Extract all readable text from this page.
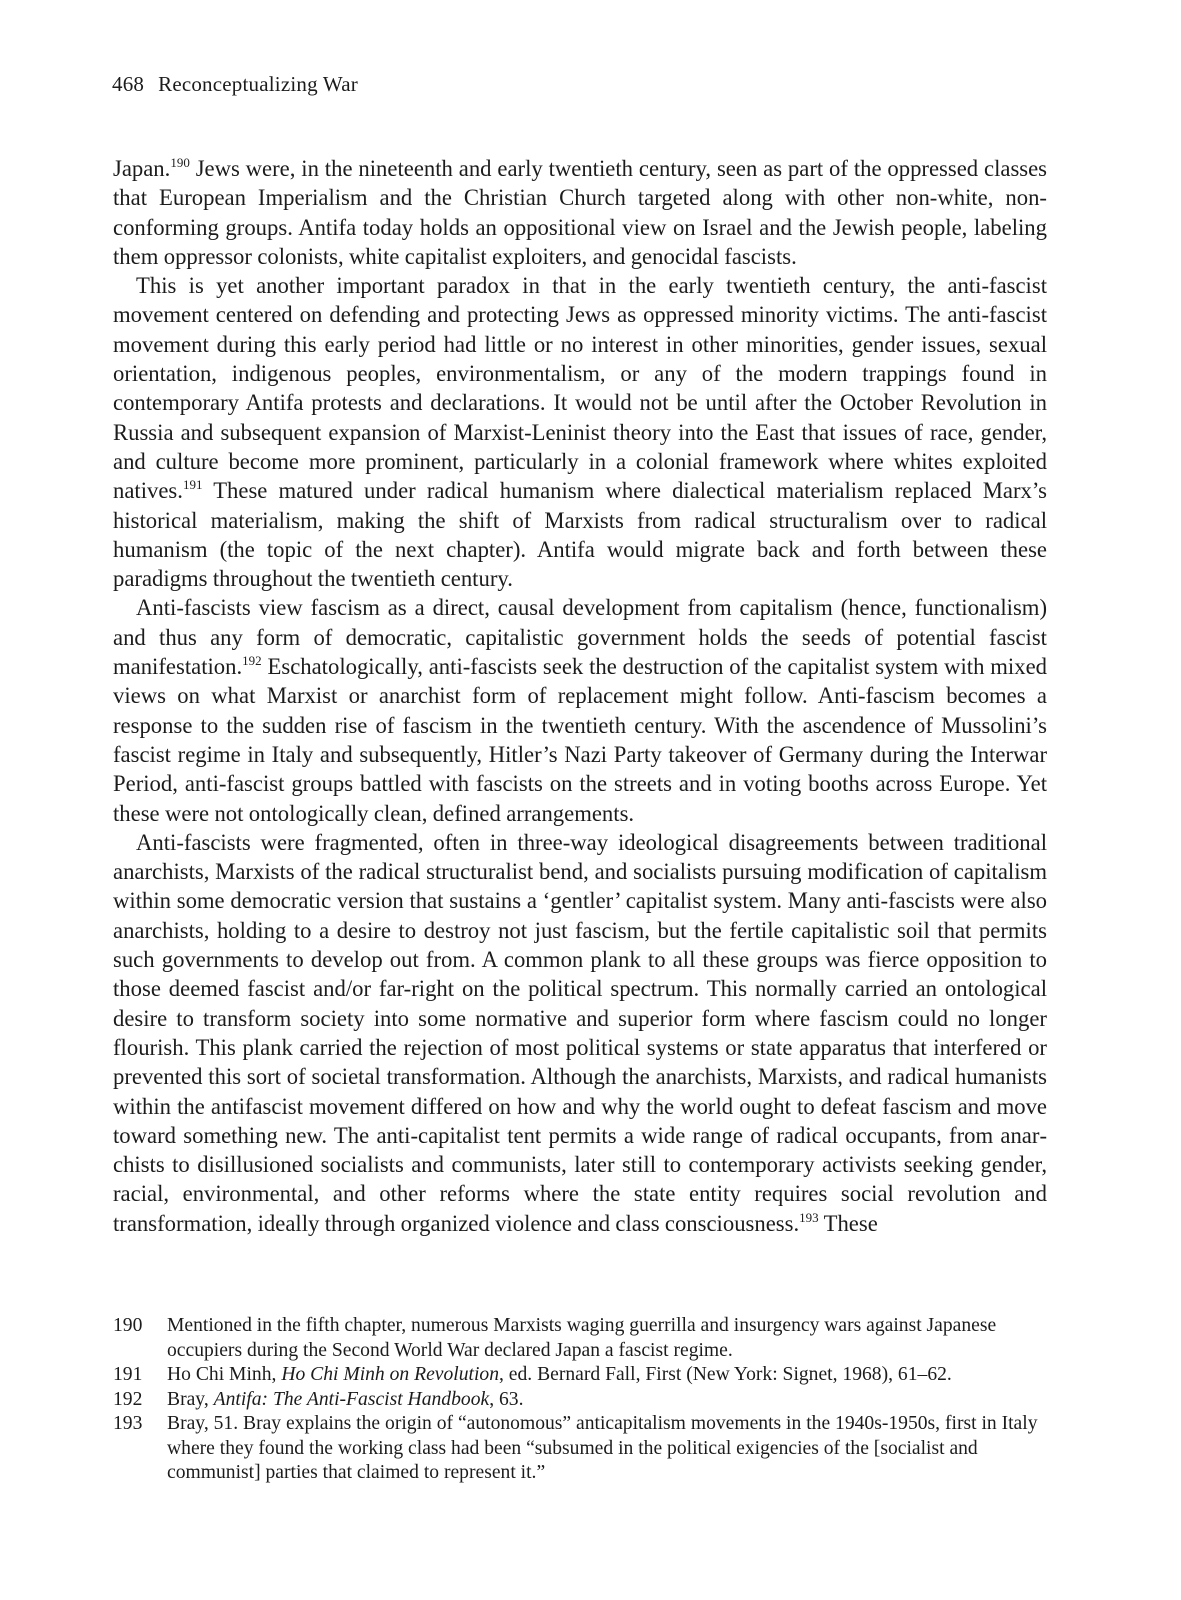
468 Reconceptualizing War

Japan.$^{190}$ Jews were, in the nineteenth and early twentieth century, seen as part of the oppressed classes that European Imperialism and the Christian Church targeted along with other non-white, non-conforming groups. Antifa today holds an oppositional view on Israel and the Jewish people, labeling them oppressor colonists, white capitalist exploiters, and genocidal fascists.

This is yet another important paradox in that in the early twentieth century, the anti-fascist movement centered on defending and protecting Jews as oppressed minority victims. The anti-fascist movement during this early period had little or no interest in other minorities, gender issues, sexual orientation, indigenous peoples, environmentalism, or any of the modern trappings found in contemporary Antifa protests and declarations. It would not be until after the October Revolution in Russia and subsequent expansion of Marxist-Leninist theory into the East that issues of race, gender, and culture become more prominent, particularly in a colonial framework where whites exploited natives.$^{191}$ These matured under radical humanism where dialectical materialism replaced Marx’s historical materialism, making the shift of Marxists from radical structuralism over to radical humanism (the topic of the next chapter). Antifa would migrate back and forth between these paradigms throughout the twentieth century.

Anti-fascists view fascism as a direct, causal development from capitalism (hence, functionalism) and thus any form of democratic, capitalistic government holds the seeds of potential fascist manifestation.$^{192}$ Eschatologically, anti-fascists seek the destruction of the capitalist system with mixed views on what Marxist or anarchist form of replacement might follow. Anti-fascism becomes a response to the sudden rise of fascism in the twentieth century. With the ascendence of Mussolini’s fascist regime in Italy and subsequently, Hitler’s Nazi Party takeover of Germany during the Interwar Period, anti-fascist groups battled with fascists on the streets and in voting booths across Europe. Yet these were not ontologically clean, defined arrangements.

Anti-fascists were fragmented, often in three-way ideological disagreements between traditional anarchists, Marxists of the radical structuralist bend, and socialists pursuing modification of capitalism within some democratic version that sustains a ‘gentler’ capitalist system. Many anti-fascists were also anarchists, holding to a desire to destroy not just fascism, but the fertile capitalistic soil that permits such governments to develop out from. A common plank to all these groups was fierce opposition to those deemed fascist and/or far-right on the political spectrum. This normally carried an ontological desire to transform society into some normative and superior form where fascism could no longer flourish. This plank carried the rejection of most political systems or state apparatus that interfered or prevented this sort of societal transformation. Although the anarchists, Marxists, and radical humanists within the antifascist movement differed on how and why the world ought to defeat fascism and move toward something new. The anti-capitalist tent permits a wide range of radical occupants, from anarchists to disillusioned socialists and communists, later still to contemporary activists seeking gender, racial, environmental, and other reforms where the state entity requires social revolution and transformation, ideally through organized violence and class consciousness.$^{193}$ These

190	Mentioned in the fifth chapter, numerous Marxists waging guerrilla and insurgency wars against Japanese occupiers during the Second World War declared Japan a fascist regime.
191	Ho Chi Minh, Ho Chi Minh on Revolution, ed. Bernard Fall, First (New York: Signet, 1968), 61–62.
192	Bray, Antifa: The Anti-Fascist Handbook, 63.
193	Bray, 51. Bray explains the origin of “autonomous” anticapitalism movements in the 1940s-1950s, first in Italy where they found the working class had been “subsumed in the political exigencies of the [socialist and communist] parties that claimed to represent it.”
